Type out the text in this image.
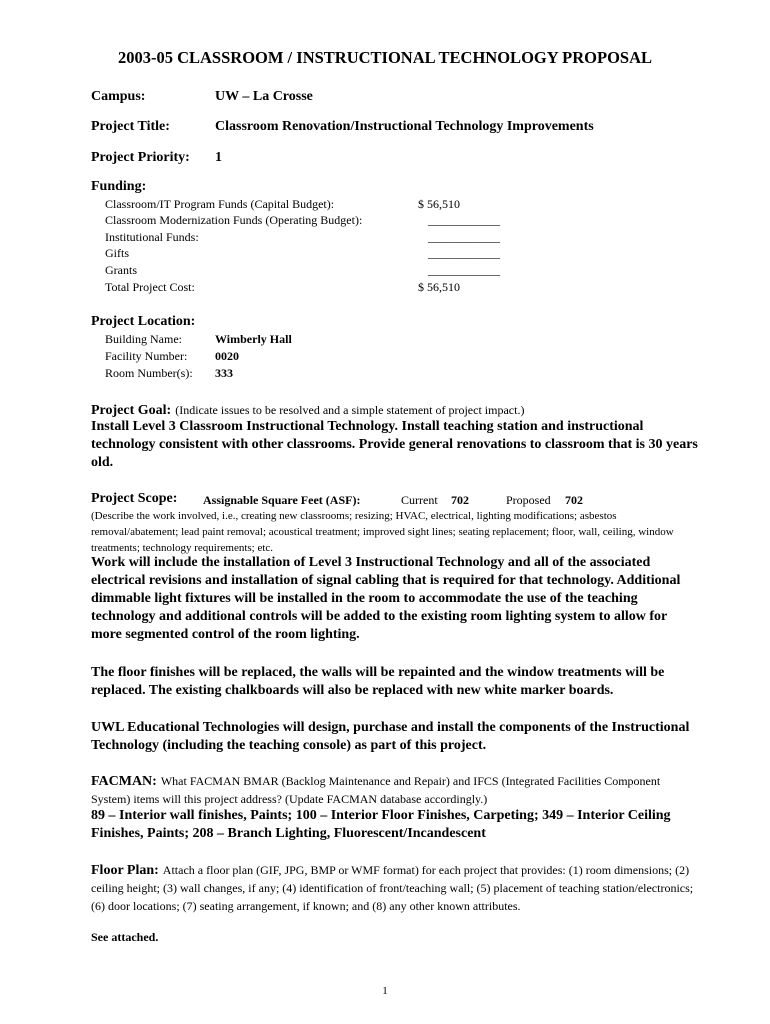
2003-05 CLASSROOM / INSTRUCTIONAL TECHNOLOGY PROPOSAL
Campus:	UW – La Crosse
Project Title:	Classroom Renovation/Instructional Technology Improvements
Project Priority: 1
Funding:
Classroom/IT Program Funds (Capital Budget):	$ 56,510
Classroom Modernization Funds (Operating Budget):	____________
Institutional Funds:	____________
Gifts	____________
Grants	____________
Total Project Cost:	$ 56,510
Project Location:
Building Name:	Wimberly Hall
Facility Number: 0020
Room Number(s): 333
Project Goal: (Indicate issues to be resolved and a simple statement of project impact.)
Install Level 3 Classroom Instructional Technology. Install teaching station and instructional technology consistent with other classrooms. Provide general renovations to classroom that is 30 years old.
Project Scope: Assignable Square Feet (ASF):	Current 702	Proposed 702
(Describe the work involved, i.e., creating new classrooms; resizing; HVAC, electrical, lighting modifications; asbestos removal/abatement; lead paint removal; acoustical treatment; improved sight lines; seating replacement; floor, wall, ceiling, window treatments; technology requirements; etc.
Work will include the installation of Level 3 Instructional Technology and all of the associated electrical revisions and installation of signal cabling that is required for that technology. Additional dimmable light fixtures will be installed in the room to accommodate the use of the teaching technology and additional controls will be added to the existing room lighting system to allow for more segmented control of the room lighting.
The floor finishes will be replaced, the walls will be repainted and the window treatments will be replaced. The existing chalkboards will also be replaced with new white marker boards.
UWL Educational Technologies will design, purchase and install the components of the Instructional Technology (including the teaching console) as part of this project.
FACMAN: What FACMAN BMAR (Backlog Maintenance and Repair) and IFCS (Integrated Facilities Component System) items will this project address? (Update FACMAN database accordingly.)
89 – Interior wall finishes, Paints; 100 – Interior Floor Finishes, Carpeting; 349 – Interior Ceiling Finishes, Paints; 208 – Branch Lighting, Fluorescent/Incandescent
Floor Plan: Attach a floor plan (GIF, JPG, BMP or WMF format) for each project that provides: (1) room dimensions; (2) ceiling height; (3) wall changes, if any; (4) identification of front/teaching wall; (5) placement of teaching station/electronics; (6) door locations; (7) seating arrangement, if known; and (8) any other known attributes.
See attached.
1
